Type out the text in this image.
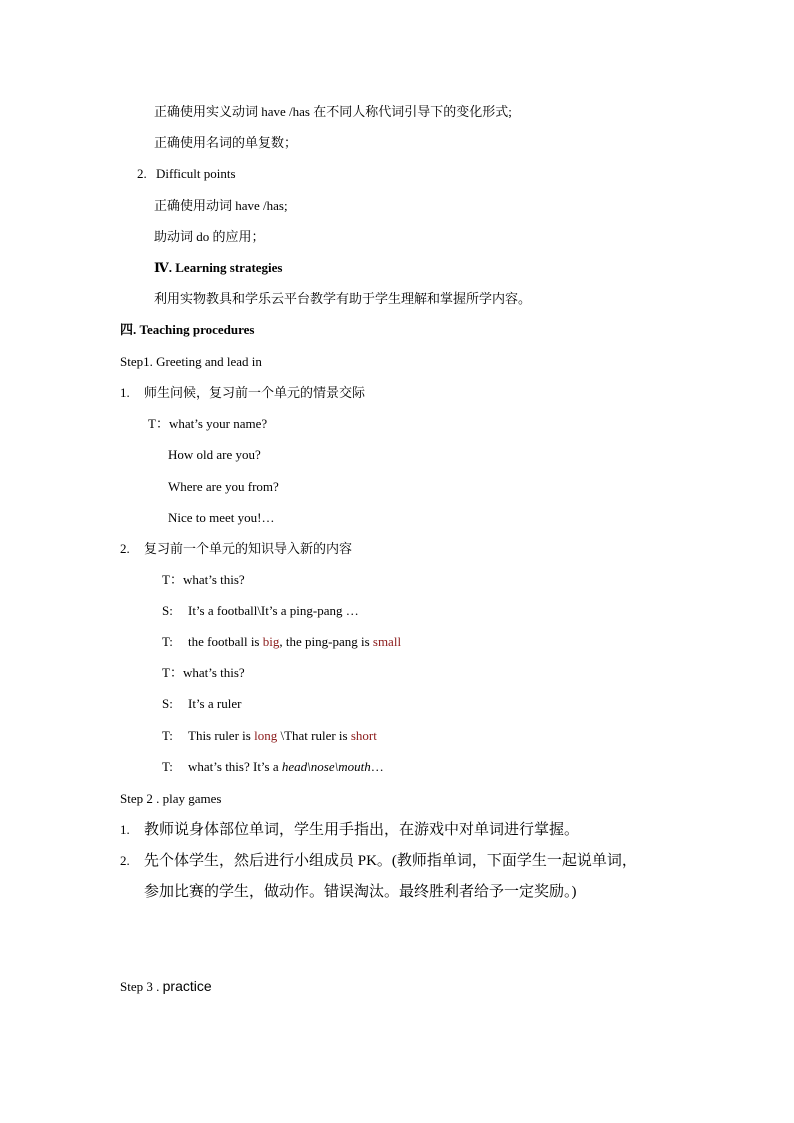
正确使用实义动词 have /has 在不同人称代词引导下的变化形式;
正确使用名词的单复数；
2. Difficult points
正确使用动词 have /has;
助动词 do 的应用；
Ⅳ. Learning strategies
利用实物教具和学乐云平台教学有助于学生理解和掌握所学内容。
四. Teaching procedures
Step1. Greeting and lead in
1. 师生问候，复习前一个单元的情景交际
T：what’s your name?
How old are you?
Where are you from?
Nice to meet you!…
2. 复习前一个单元的知识导入新的内容
T：what’s this?
S: It’s a football\It’s a ping-pang …
T: the football is big, the ping-pang is small
T：what’s this?
S: It’s a ruler
T: This ruler is long \That ruler is short
T: what’s this? It’s a head\nose\mouth…
Step 2 . play games
1. 教师说身体部位单词，学生用手指出，在游戏中对单词进行掌握。
2. 先个体学生，然后进行小组成员 PK。(教师指单词，下面学生一起说单词，
参加比赛的学生，做动作。错误淘汰。最终胜利者给予一定奖励。)
Step 3 . practice
